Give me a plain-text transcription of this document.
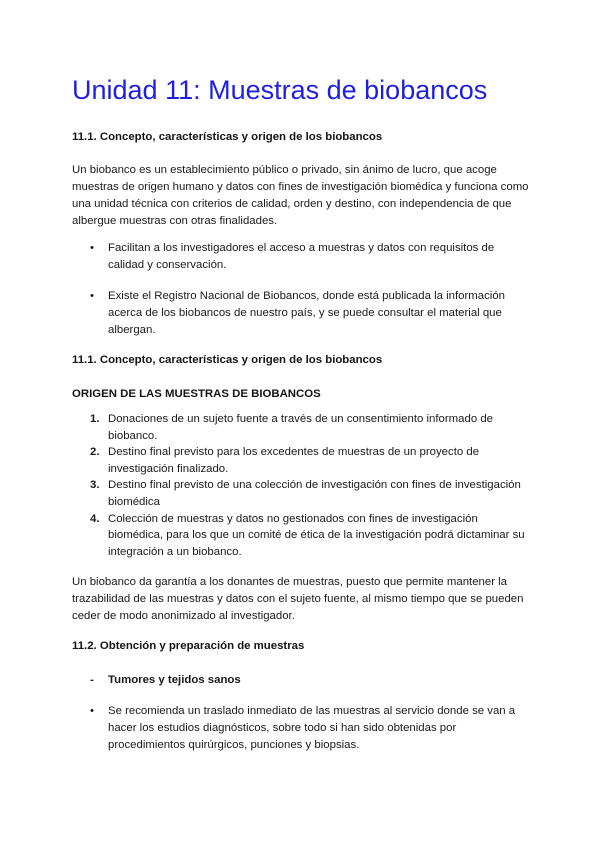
Unidad 11: Muestras de biobancos
11.1. Concepto, características y origen de los biobancos

Un biobanco es un establecimiento público o privado, sin ánimo de lucro, que acoge muestras de origen humano y datos con fines de investigación biomédica y funciona como una unidad técnica con criterios de calidad, orden y destino, con independencia de que albergue muestras con otras finalidades.

• Facilitan a los investigadores el acceso a muestras y datos con requisitos de calidad y conservación.
• Existe el Registro Nacional de Biobancos, donde está publicada la información acerca de los biobancos de nuestro país, y se puede consultar el material que albergan.
11.1. Concepto, características y origen de los biobancos
ORIGEN DE LAS MUESTRAS DE BIOBANCOS
1. Donaciones de un sujeto fuente a través de un consentimiento informado de biobanco.
2. Destino final previsto para los excedentes de muestras de un proyecto de investigación finalizado.
3. Destino final previsto de una colección de investigación con fines de investigación biomédica
4. Colección de muestras y datos no gestionados con fines de investigación biomédica, para los que un comité de ética de la investigación podrá dictaminar su integración a un biobanco.

Un biobanco da garantía a los donantes de muestras, puesto que permite mantener la trazabilidad de las muestras y datos con el sujeto fuente, al mismo tiempo que se pueden ceder de modo anonimizado al investigador.

11.2. Obtención y preparación de muestras
- Tumores y tejidos sanos
• Se recomienda un traslado inmediato de las muestras al servicio donde se van a hacer los estudios diagnósticos, sobre todo si han sido obtenidas por procedimientos quirúrgicos, punciones y biopsias.
